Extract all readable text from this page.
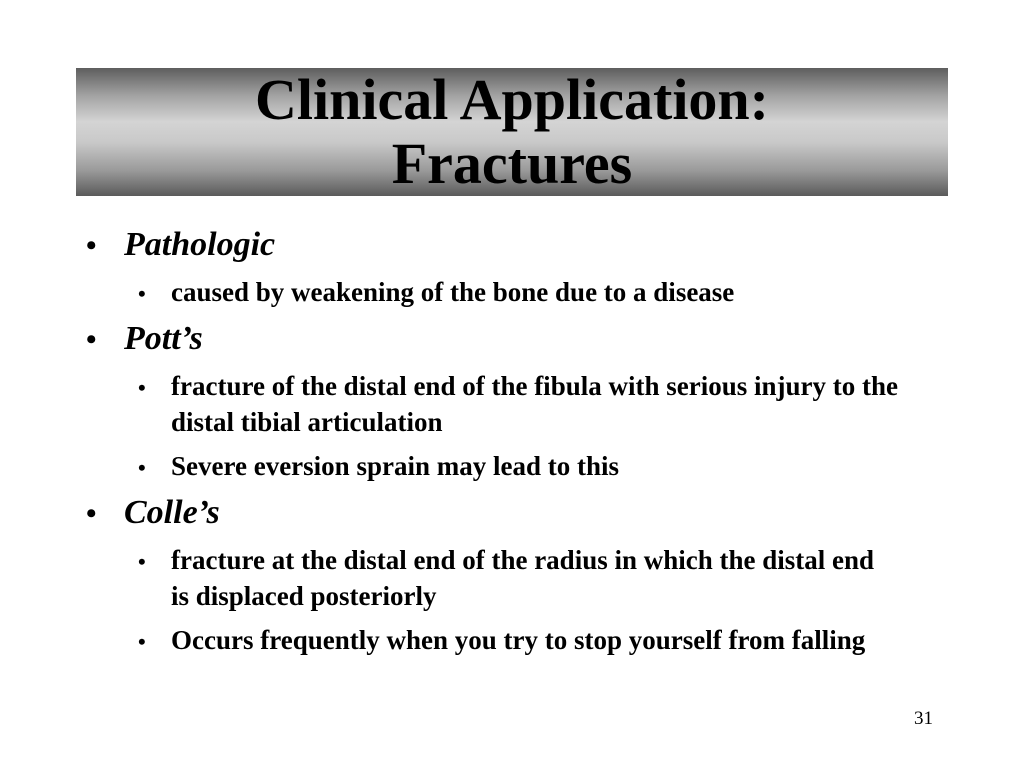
Clinical Application:
Fractures
• Pathologic
• caused by weakening of the bone due to a disease
• Pott’s
• fracture of the distal end of the fibula with serious injury to the distal tibial articulation
• Severe eversion sprain may lead to this
• Colle’s
• fracture at the distal end of the radius in which the distal end is displaced posteriorly
• Occurs frequently when you try to stop yourself from falling
31
